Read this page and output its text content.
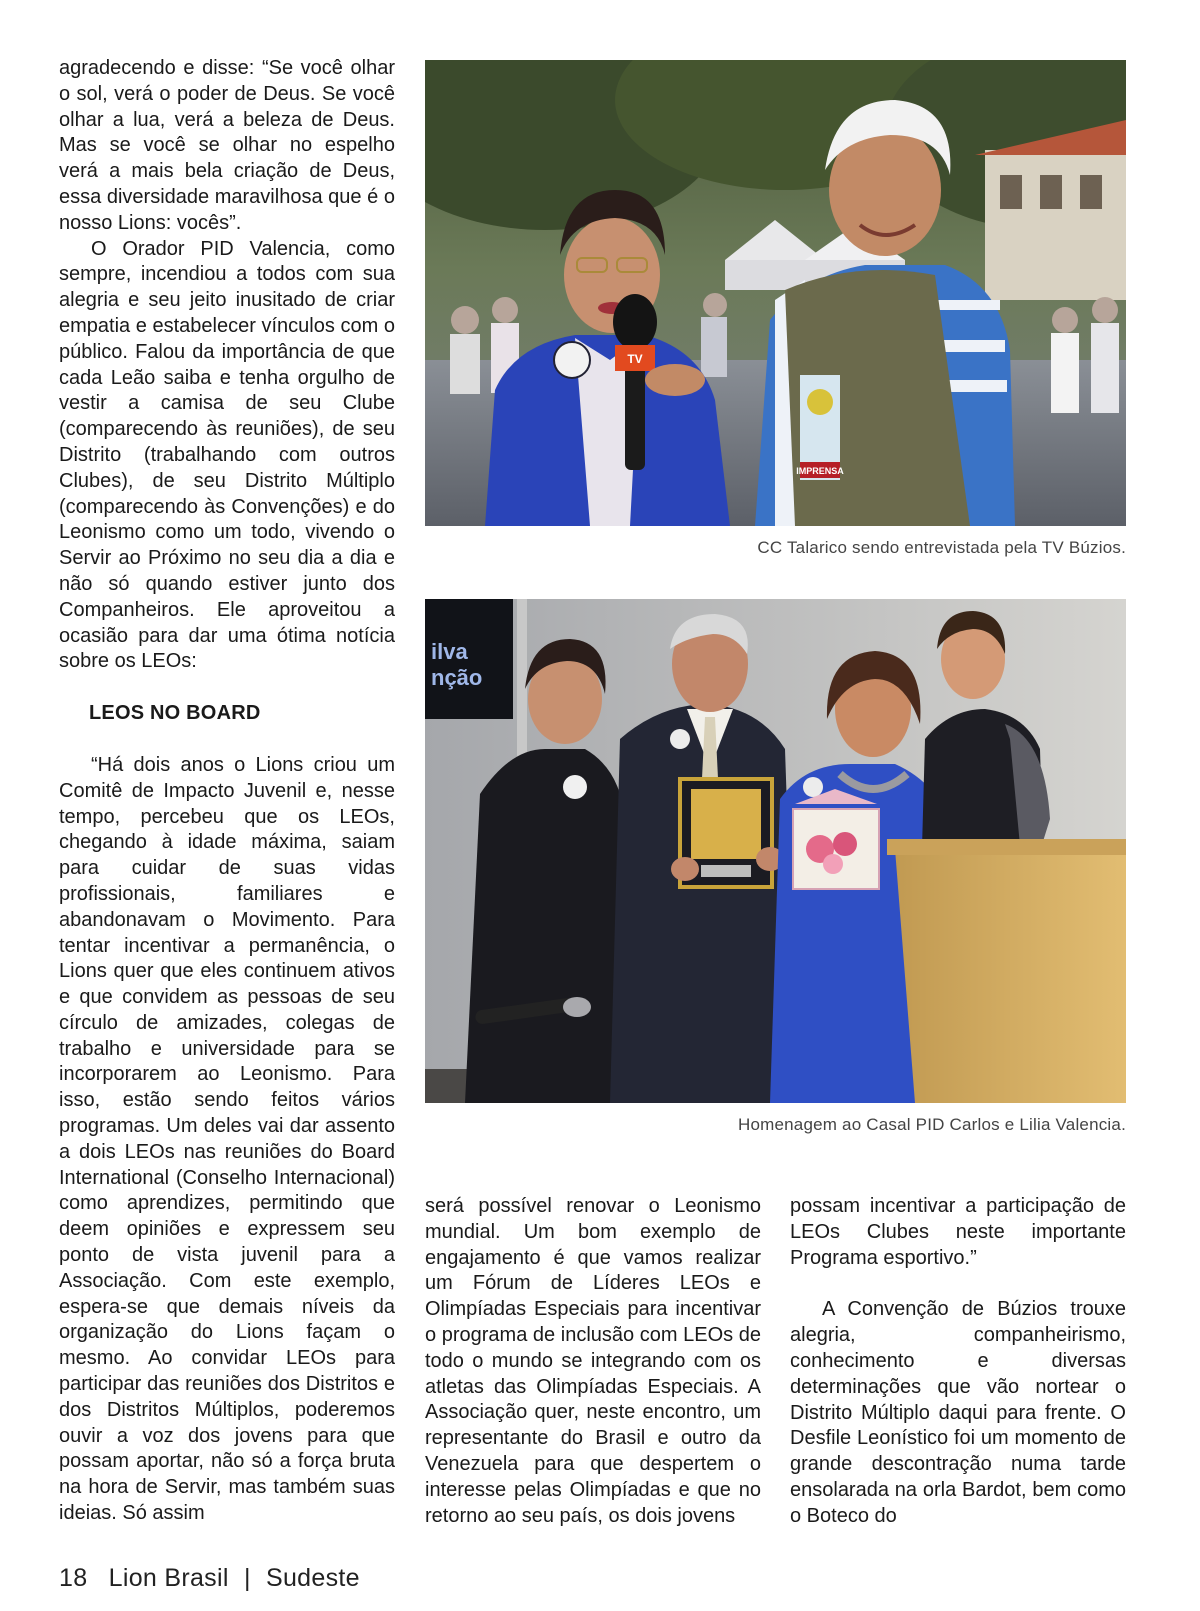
agradecendo e disse: “Se você olhar o sol, verá o poder de Deus. Se você olhar a lua, verá a beleza de Deus. Mas se você se olhar no espelho verá a mais bela criação de Deus, essa diversidade maravilhosa que é o nosso Lions: vocês”.

O Orador PID Valencia, como sempre, incendiou a todos com sua alegria e seu jeito inusitado de criar empatia e estabelecer vínculos com o público. Falou da importância de que cada Leão saiba e tenha orgulho de vestir a camisa de seu Clube (comparecendo às reuniões), de seu Distrito (trabalhando com outros Clubes), de seu Distrito Múltiplo (comparecendo às Convenções) e do Leonismo como um todo, vivendo o Servir ao Próximo no seu dia a dia e não só quando estiver junto dos Companheiros. Ele aproveitou a ocasião para dar uma ótima notícia sobre os LEOs:

LEOS NO BOARD

“Há dois anos o Lions criou um Comitê de Impacto Juvenil e, nesse tempo, percebeu que os LEOs, chegando à idade máxima, saiam para cuidar de suas vidas profissionais, familiares e abandonavam o Movimento. Para tentar incentivar a permanência, o Lions quer que eles continuem ativos e que convidem as pessoas de seu círculo de amizades, colegas de trabalho e universidade para se incorporarem ao Leonismo. Para isso, estão sendo feitos vários programas. Um deles vai dar assento a dois LEOs nas reuniões do Board International (Conselho Internacional) como aprendizes, permitindo que deem opiniões e expressem seu ponto de vista juvenil para a Associação. Com este exemplo, espera-se que demais níveis da organização do Lions façam o mesmo. Ao convidar LEOs para participar das reuniões dos Distritos e dos Distritos Múltiplos, poderemos ouvir a voz dos jovens para que possam aportar, não só a força bruta na hora de Servir, mas também suas ideias. Só assim

TV
IMPRENSA
CC Talarico sendo entrevistada pela TV Búzios.
ilva
nção
Homenagem ao Casal PID Carlos e Lilia Valencia.

será possível renovar o Leonismo mundial. Um bom exemplo de engajamento é que vamos realizar um Fórum de Líderes LEOs e Olimpíadas Especiais para incentivar o programa de inclusão com LEOs de todo o mundo se integrando com os atletas das Olimpíadas Especiais. A Associação quer, neste encontro, um representante do Brasil e outro da Venezuela para que despertem o interesse pelas Olimpíadas e que no retorno ao seu país, os dois jovens

possam incentivar a participação de LEOs Clubes neste importante Programa esportivo.”

A Convenção de Búzios trouxe alegria, companheirismo, conhecimento e diversas determinações que vão nortear o Distrito Múltiplo daqui para frente. O Desfile Leonístico foi um momento de grande descontração numa tarde ensolarada na orla Bardot, bem como o Boteco do

18 Lion Brasil | Sudeste
